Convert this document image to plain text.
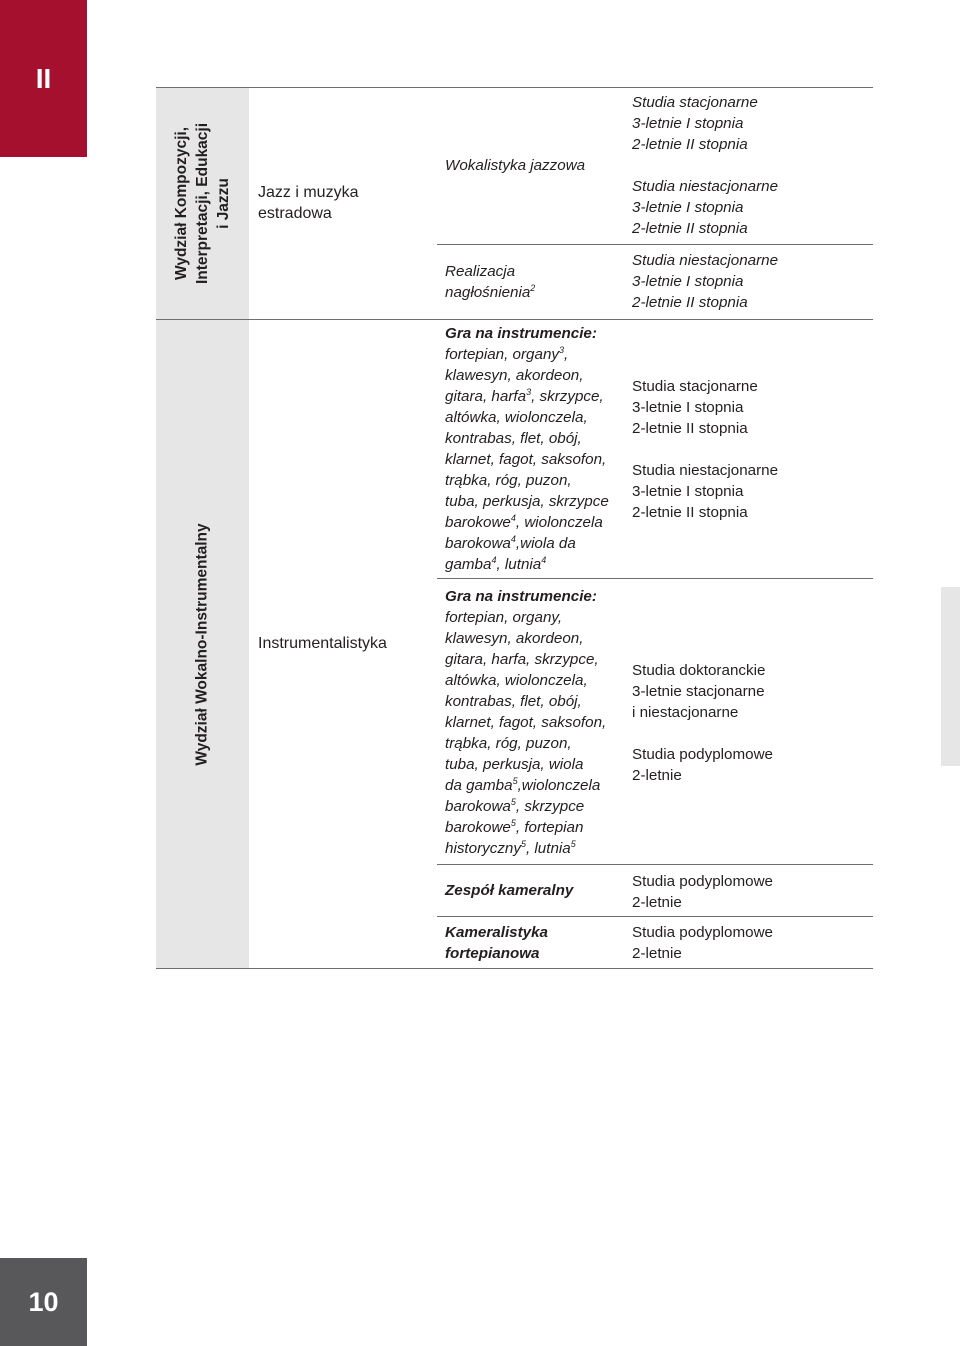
II
10
Wydział Kompozycji, Interpretacji, Edukacji i Jazzu
Wydział Wokalno-Instrumentalny
Jazz i muzyka
estradowa
Instrumentalistyka
Wokalistyka jazzowa
Realizacja
nagłośnienia$^2$
Gra na instrumencie:
fortepian, organy$^3$,
klawesyn, akordeon,
gitara, harfa$^3$, skrzypce,
altówka, wiolonczela,
kontrabas, flet, obój,
klarnet, fagot, saksofon,
trąbka, róg, puzon,
tuba, perkusja, skrzypce
barokowe$^4$, wiolonczela
barokowa$^4$,wiola da
gamba$^4$, lutnia$^4$
Gra na instrumencie:
fortepian, organy,
klawesyn, akordeon,
gitara, harfa, skrzypce,
altówka, wiolonczela,
kontrabas, flet, obój,
klarnet, fagot, saksofon,
trąbka, róg, puzon,
tuba, perkusja, wiola
da gamba$^5$,wiolonczela
barokowa$^5$, skrzypce
barokowe$^5$, fortepian
historyczny$^5$, lutnia$^5$
Zespół kameralny
Kameralistyka
fortepianowa
Studia stacjonarne
3-letnie I stopnia
2-letnie II stopnia
Studia niestacjonarne
3-letnie I stopnia
2-letnie II stopnia
Studia niestacjonarne
3-letnie I stopnia
2-letnie II stopnia
Studia stacjonarne
3-letnie I stopnia
2-letnie II stopnia
Studia niestacjonarne
3-letnie I stopnia
2-letnie II stopnia
Studia doktoranckie
3-letnie stacjonarne
i niestacjonarne
Studia podyplomowe
2-letnie
Studia podyplomowe
2-letnie
Studia podyplomowe
2-letnie
